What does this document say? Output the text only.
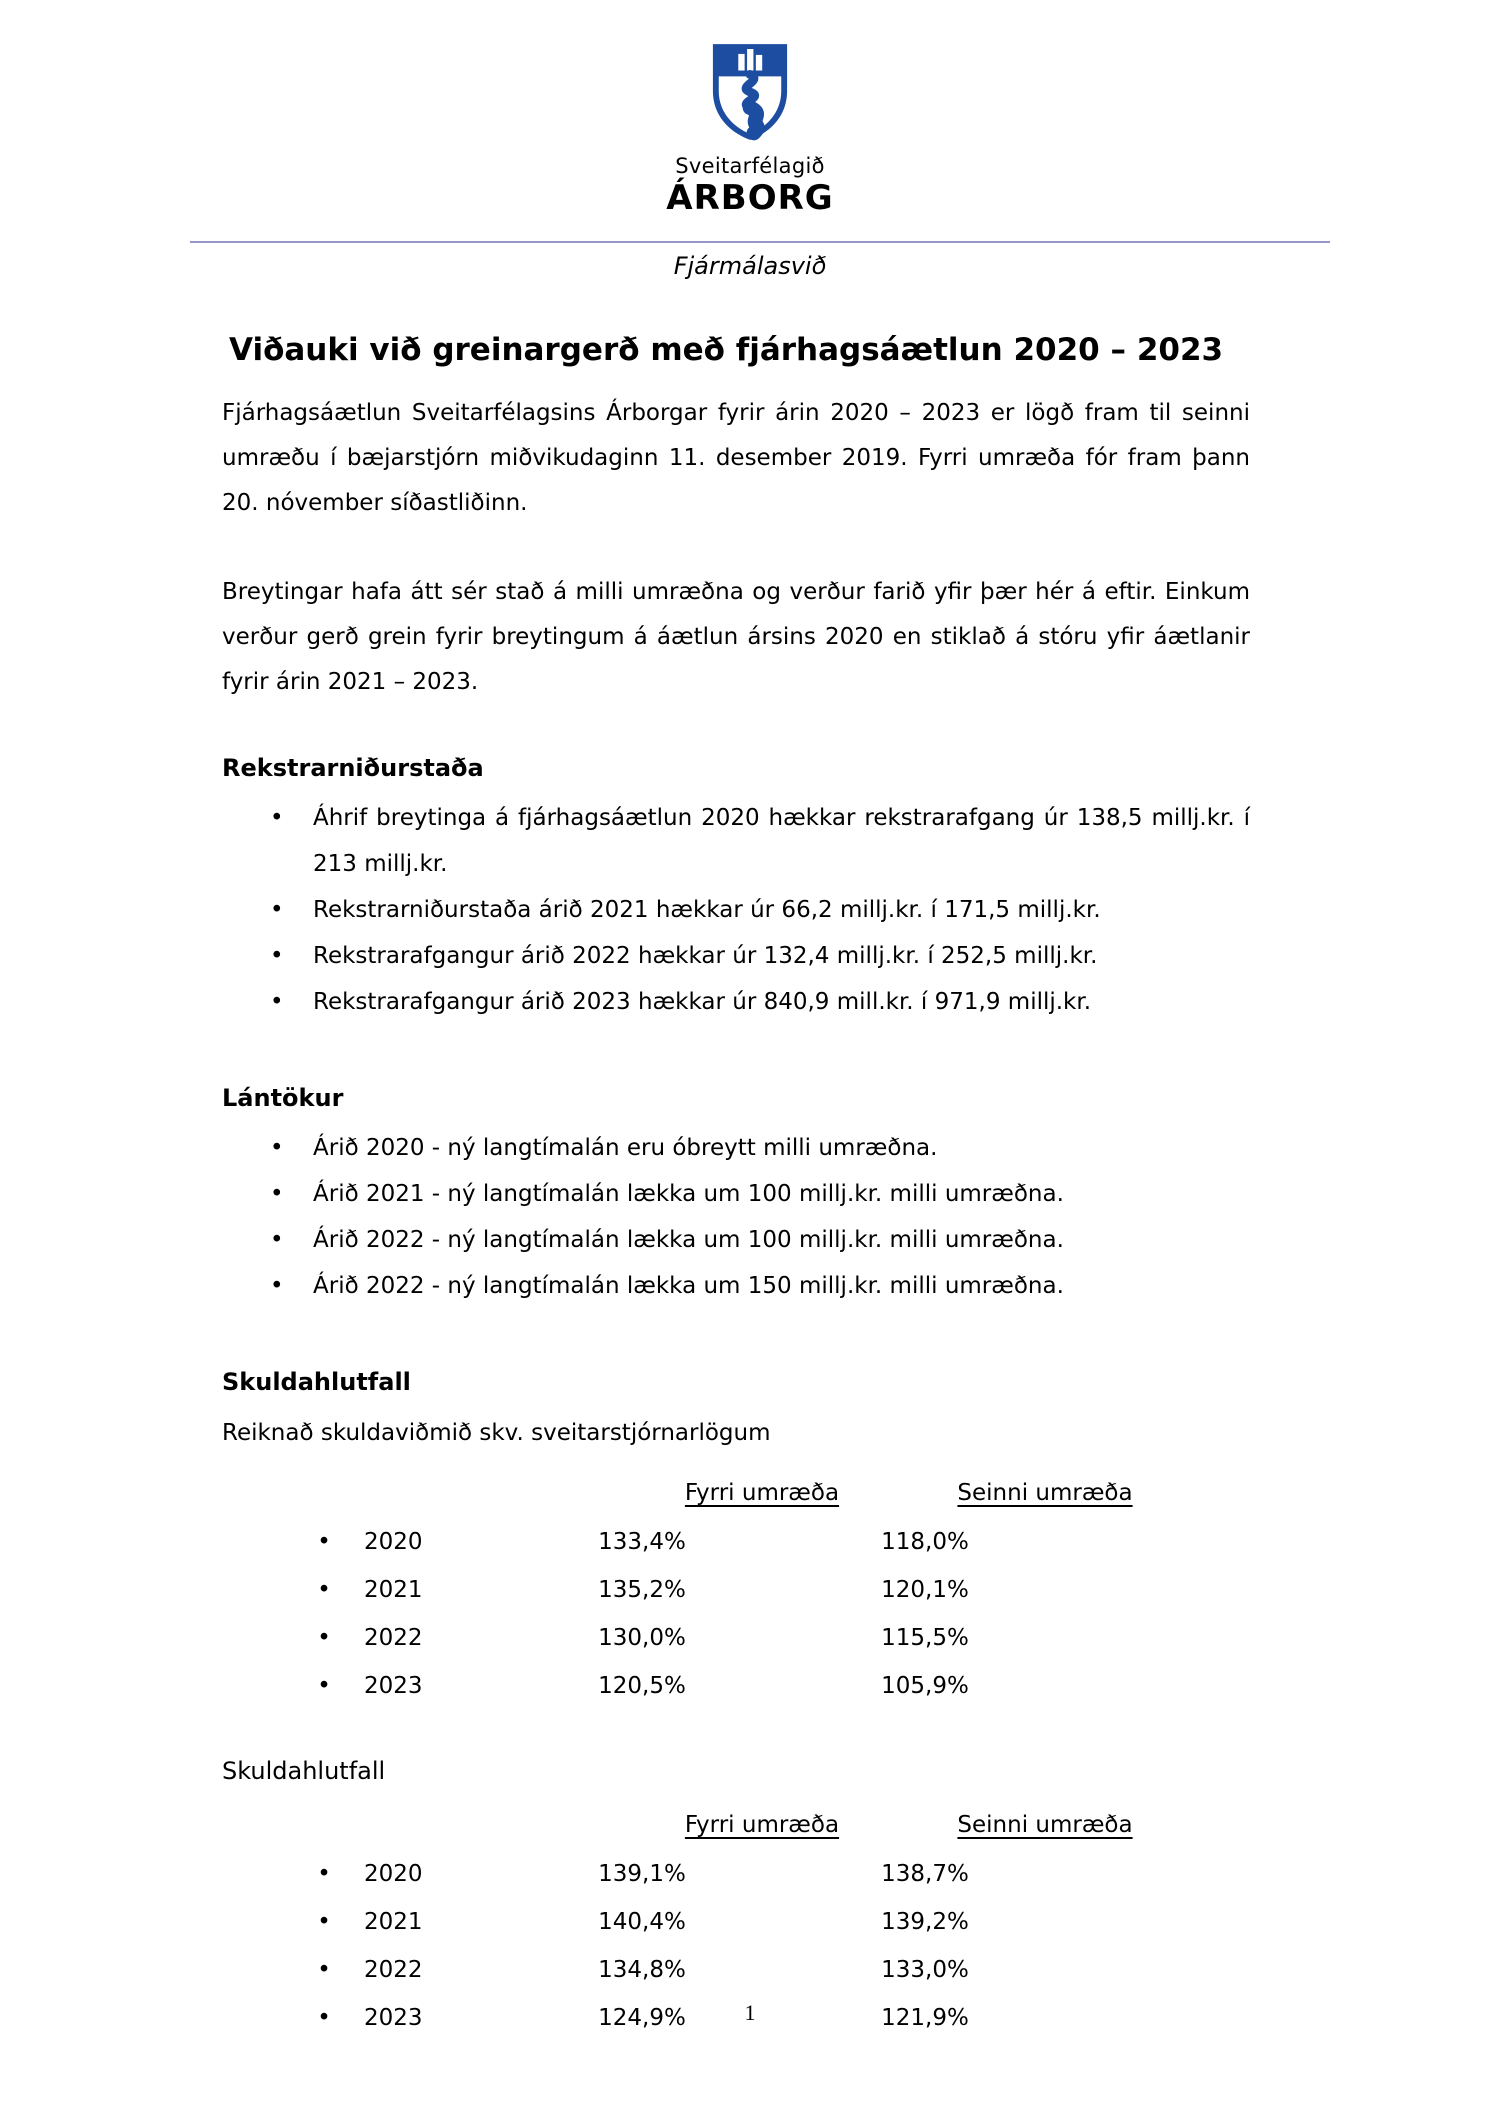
Sveitarfélagið
ÁRBORG
Fjármálasvið
Viðauki við greinargerð með fjárhagsáætlun 2020 – 2023
Fjárhagsáætlun Sveitarfélagsins Árborgar fyrir árin 2020 – 2023 er lögð fram til seinni umræðu í bæjarstjórn miðvikudaginn 11. desember 2019. Fyrri umræða fór fram þann 20. nóvember síðastliðinn.
Breytingar hafa átt sér stað á milli umræðna og verður farið yfir þær hér á eftir. Einkum verður gerð grein fyrir breytingum á áætlun ársins 2020 en stiklað á stóru yfir áætlanir fyrir árin 2021 – 2023.
Rekstrarniðurstaða
• Áhrif breytinga á fjárhagsáætlun 2020 hækkar rekstrarafgang úr 138,5 millj.kr. í 213 millj.kr.
• Rekstrarniðurstaða árið 2021 hækkar úr 66,2 millj.kr. í 171,5 millj.kr.
• Rekstrarafgangur árið 2022 hækkar úr 132,4 millj.kr. í 252,5 millj.kr.
• Rekstrarafgangur árið 2023 hækkar úr 840,9 mill.kr. í 971,9 millj.kr.
Lántökur
• Árið 2020 - ný langtímalán eru óbreytt milli umræðna.
• Árið 2021 - ný langtímalán lækka um 100 millj.kr. milli umræðna.
• Árið 2022 - ný langtímalán lækka um 100 millj.kr. milli umræðna.
• Árið 2022 - ný langtímalán lækka um 150 millj.kr. milli umræðna.
Skuldahlutfall
Reiknað skuldaviðmið skv. sveitarstjórnarlögum
Fyrri umræða	Seinni umræða
•	2020	133,4%	118,0%
•	2021	135,2%	120,1%
•	2022	130,0%	115,5%
•	2023	120,5%	105,9%
Skuldahlutfall
Fyrri umræða	Seinni umræða
•	2020	139,1%	138,7%
•	2021	140,4%	139,2%
•	2022	134,8%	133,0%
•	2023	124,9%	121,9%
1
